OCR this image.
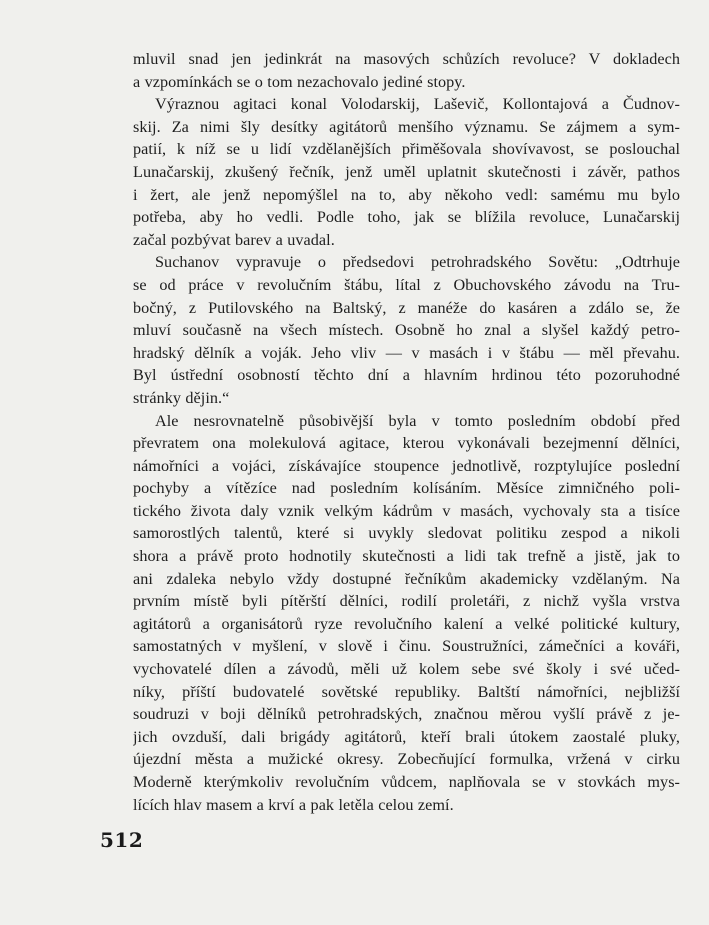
mluvil snad jen jedinkrát na masových schůzích revoluce? V dokladech
a vzpomínkách se o tom nezachovalo jediné stopy.
Výraznou agitaci konal Volodarskij, Laševič, Kollontajová a Čudnov-
skij. Za nimi šly desítky agitátorů menšího významu. Se zájmem a sym-
patií, k níž se u lidí vzdělanějších přiměšovala shovívavost, se poslouchal
Lunačarskij, zkušený řečník, jenž uměl uplatnit skutečnosti i závěr, pathos
i žert, ale jenž nepomýšlel na to, aby někoho vedl: samému mu bylo
potřeba, aby ho vedli. Podle toho, jak se blížila revoluce, Lunačarskij
začal pozbývat barev a uvadal.
Suchanov vypravuje o předsedovi petrohradského Sovětu: „Odtrhuje
se od práce v revolučním štábu, lítal z Obuchovského závodu na Tru-
bočný, z Putilovského na Baltský, z manéže do kasáren a zdálo se, že
mluví současně na všech místech. Osobně ho znal a slyšel každý petro-
hradský dělník a voják. Jeho vliv — v masách i v štábu — měl převahu.
Byl ústřední osobností těchto dní a hlavním hrdinou této pozoruhodné
stránky dějin.“
Ale nesrovnatelně působivější byla v tomto posledním období před
převratem ona molekulová agitace, kterou vykonávali bezejmenní dělníci,
námořníci a vojáci, získávajíce stoupence jednotlivě, rozptylujíce poslední
pochyby a vítězíce nad posledním kolísáním. Měsíce zimničného poli-
tického života daly vznik velkým kádrům v masách, vychovaly sta a tisíce
samorostlých talentů, které si uvykly sledovat politiku zespod a nikoli
shora a právě proto hodnotily skutečnosti a lidi tak trefně a jistě, jak to
ani zdaleka nebylo vždy dostupné řečníkům akademicky vzdělaným. Na
prvním místě byli pítěrští dělníci, rodilí proletáři, z nichž vyšla vrstva
agitátorů a organisátorů ryze revolučního kalení a velké politické kultury,
samostatných v myšlení, v slově i činu. Soustružníci, zámečníci a kováři,
vychovatelé dílen a závodů, měli už kolem sebe své školy i své učed-
níky, příští budovatelé sovětské republiky. Baltští námořníci, nejbližší
soudruzi v boji dělníků petrohradských, značnou měrou vyšlí právě z je-
jich ovzduší, dali brigády agitátorů, kteří brali útokem zaostalé pluky,
újezdní města a mužické okresy. Zobecňující formulka, vržená v cirku
Moderně kterýmkoliv revolučním vůdcem, naplňovala se v stovkách mys-
lících hlav masem a krví a pak letěla celou zemí.
512
